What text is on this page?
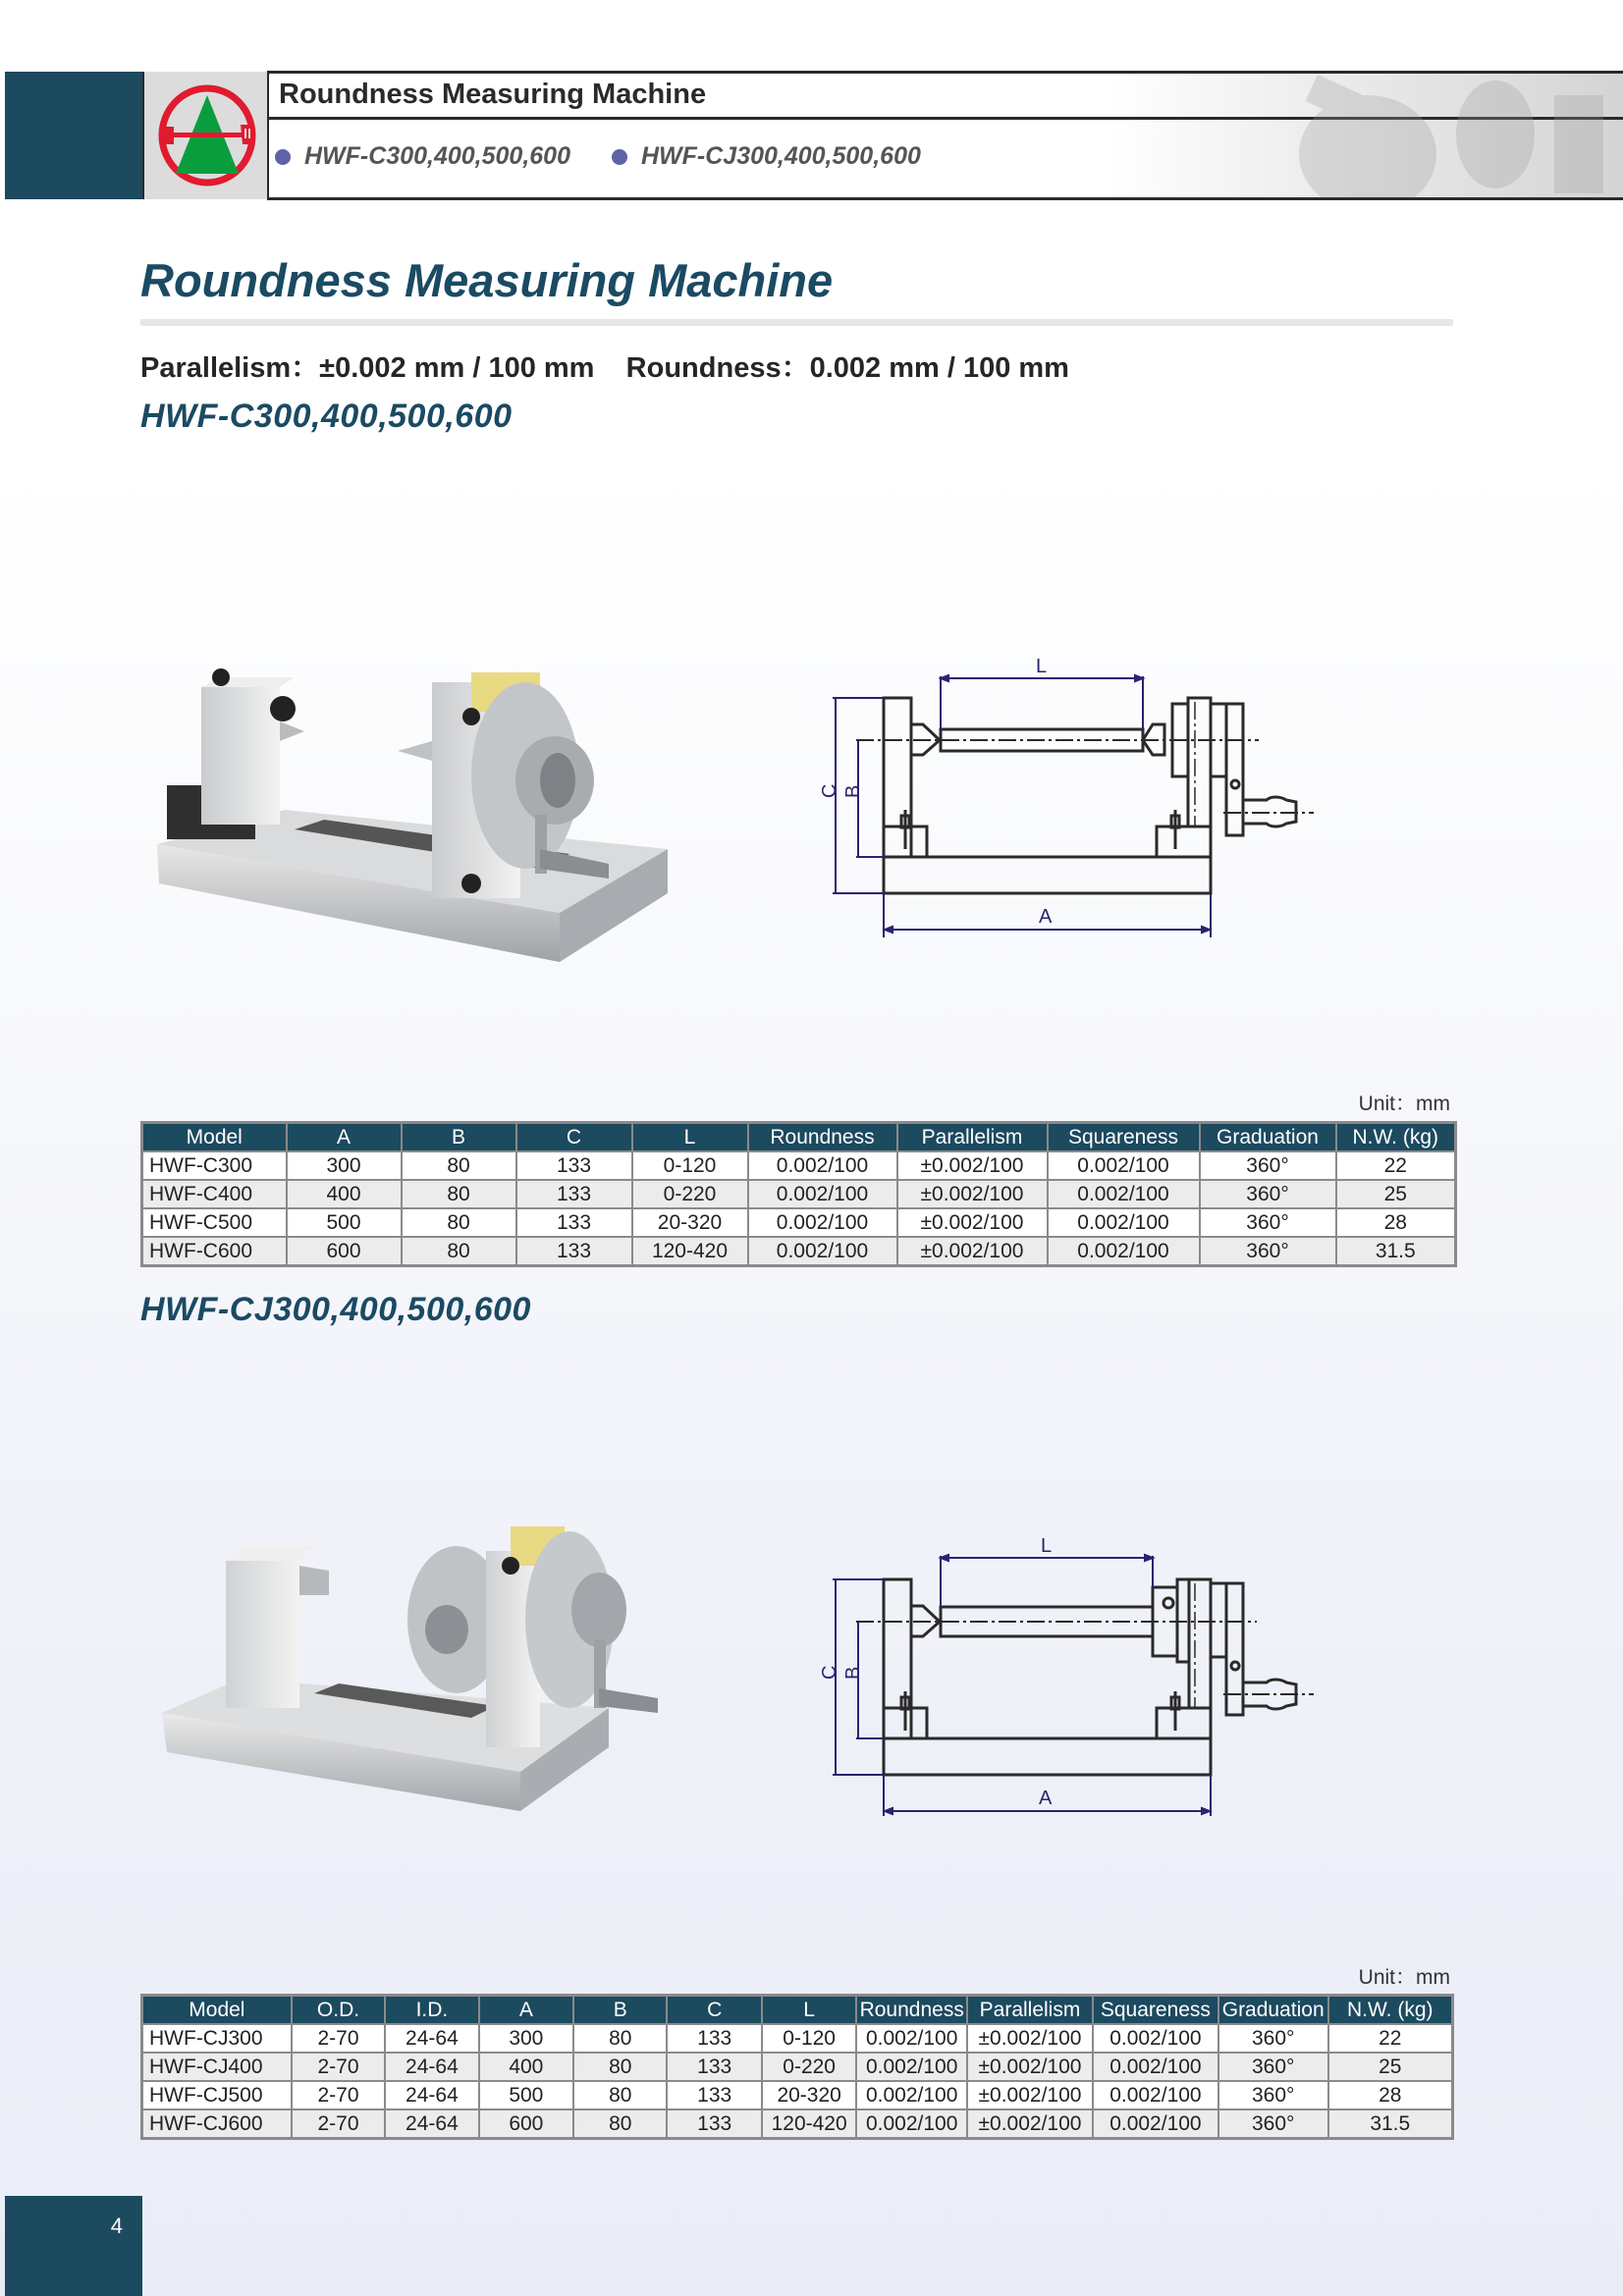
Roundness Measuring Machine
HWF-C300,400,500,600	HWF-CJ300,400,500,600
Roundness Measuring Machine
Parallelism：±0.002 mm / 100 mm    Roundness：0.002 mm / 100 mm
HWF-C300,400,500,600
L
A
C B
Unit：mm
Model	A	B	C	L	Roundness	Parallelism	Squareness	Graduation	N.W. (kg)
HWF-C300	300	80	133	0-120	0.002/100	±0.002/100	0.002/100	360°	22
HWF-C400	400	80	133	0-220	0.002/100	±0.002/100	0.002/100	360°	25
HWF-C500	500	80	133	20-320	0.002/100	±0.002/100	0.002/100	360°	28
HWF-C600	600	80	133	120-420	0.002/100	±0.002/100	0.002/100	360°	31.5
HWF-CJ300,400,500,600
L
A
C B
Unit：mm
Model	O.D.	I.D.	A	B	C	L	Roundness	Parallelism	Squareness	Graduation	N.W. (kg)
HWF-CJ300	2-70	24-64	300	80	133	0-120	0.002/100	±0.002/100	0.002/100	360°	22
HWF-CJ400	2-70	24-64	400	80	133	0-220	0.002/100	±0.002/100	0.002/100	360°	25
HWF-CJ500	2-70	24-64	500	80	133	20-320	0.002/100	±0.002/100	0.002/100	360°	28
HWF-CJ600	2-70	24-64	600	80	133	120-420	0.002/100	±0.002/100	0.002/100	360°	31.5
4
